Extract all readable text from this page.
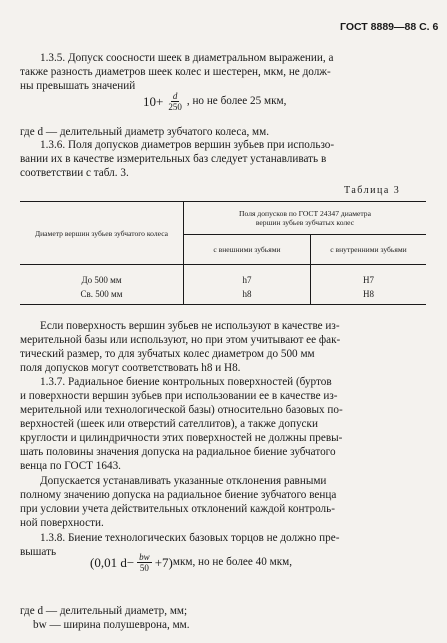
ГОСТ 8889—88 С. 6
1.3.5. Допуск соосности шеек в диаметральном выражении, а
также разность диаметров шеек колес и шестерен, мкм, не долж-
ны превышать значений
$10+ \frac{d}{250}$ , но не более 25 мкм,
где d — делительный диаметр зубчатого колеса, мм.
1.3.6. Поля допусков диаметров вершин зубьев при использо-
вании их в качестве измерительных баз следует устанавливать в
соответствии с табл. 3.
Таблица 3
Диаметр вершин зубьев зубчатого колеса	Поля допусков по ГОСТ 24347 диаметра
вершин зубьев зубчатых колес	

	с внешними зубьями	с внутренними зубьями
До 500 мм	h7	H7
Св. 500 мм	h8	H8
Если поверхность вершин зубьев не используют в качестве из-
мерительной базы или используют, но при этом учитывают ее фак-
тический размер, то для зубчатых колес диаметром до 500 мм
поля допусков могут соответствовать h8 и H8.
1.3.7. Радиальное биение контрольных поверхностей (буртов
и поверхности вершин зубьев при использовании ее в качестве из-
мерительной или технологической базы) относительно базовых по-
верхностей (шеек или отверстий сателлитов), а также допуски
круглости и цилиндричности этих поверхностей не должны превы-
шать половины значения допуска на радиальное биение зубчатого
венца по ГОСТ 1643.
Допускается устанавливать указанные отклонения равными
полному значению допуска на радиальное биение зубчатого венца
при условии учета действительных отклонений каждой контроль-
ной поверхности.
1.3.8. Биение технологических базовых торцов не должно пре-
вышать
(0,01 $d- \frac{bw}{50} +7$) мкм, но не более 40 мкм,
где d — делительный диаметр, мм;
bw — ширина полушеврона, мм.
